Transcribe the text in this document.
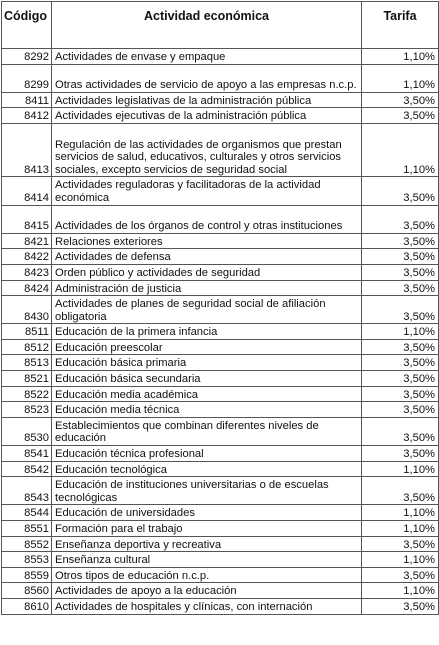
Código	Actividad económica	Tarifa
8292	Actividades de envase y empaque	1,10%
8299	Otras actividades de servicio de apoyo a las empresas n.c.p.	1,10%
8411	Actividades legislativas de la administración pública	3,50%
8412	Actividades ejecutivas de la administración pública	3,50%
8413	Regulación de las actividades de organismos que prestan servicios de salud, educativos, culturales y otros servicios sociales, excepto servicios de seguridad social	1,10%
8414	Actividades reguladoras y facilitadoras de la actividad económica	3,50%
8415	Actividades de los órganos de control y otras instituciones	3,50%
8421	Relaciones exteriores	3,50%
8422	Actividades de defensa	3,50%
8423	Orden público y actividades de seguridad	3,50%
8424	Administración de justicia	3,50%
8430	Actividades de planes de seguridad social de afiliación obligatoria	3,50%
8511	Educación de la primera infancia	1,10%
8512	Educación preescolar	3,50%
8513	Educación básica primaria	3,50%
8521	Educación básica secundaria	3,50%
8522	Educación media académica	3,50%
8523	Educación media técnica	3,50%
8530	Establecimientos que combinan diferentes niveles de educación	3,50%
8541	Educación técnica profesional	3,50%
8542	Educación tecnológica	1,10%
8543	Educación de instituciones universitarias o de escuelas tecnológicas	3,50%
8544	Educación de universidades	1,10%
8551	Formación para el trabajo	1,10%
8552	Enseñanza deportiva y recreativa	3,50%
8553	Enseñanza cultural	1,10%
8559	Otros tipos de educación n.c.p.	3,50%
8560	Actividades de apoyo a la educación	1,10%
8610	Actividades de hospitales y clínicas, con internación	3,50%
